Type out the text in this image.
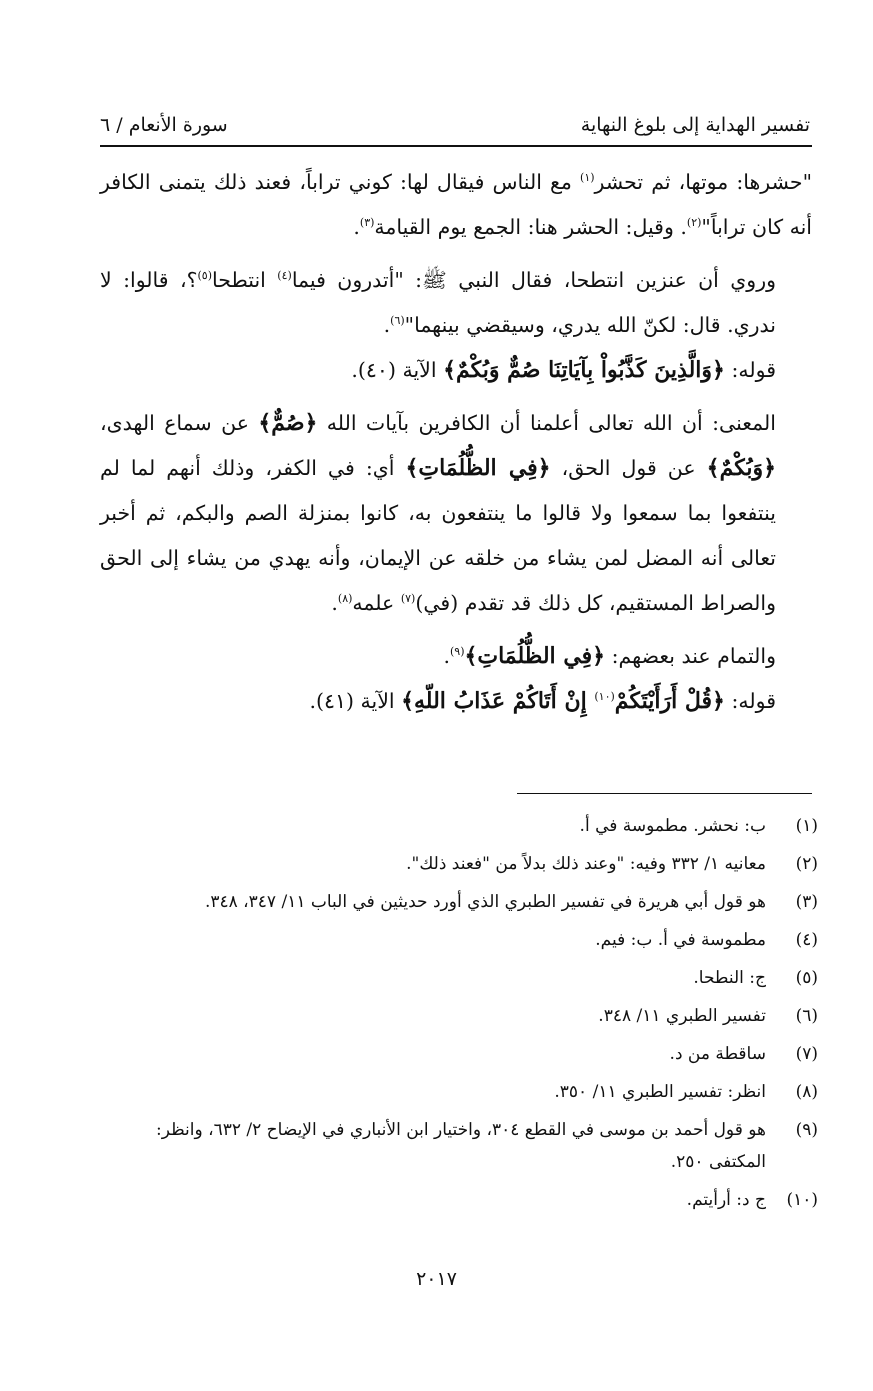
تفسير الهداية إلى بلوغ النهاية
سورة الأنعام / ٦

"حشرها: موتها، ثم تحشر$^{(١)}$ مع الناس فيقال لها: كوني تراباً، فعند ذلك يتمنى الكافر أنه كان تراباً"$^{(٢)}$. وقيل: الحشر هنا: الجمع يوم القيامة$^{(٣)}$.

وروي أن عنزين انتطحا، فقال النبي ﷺ: "أتدرون فيما$^{(٤)}$ انتطحا$^{(٥)}$؟، قالوا: لا ندري. قال: لكنّ الله يدري، وسيقضي بينهما"$^{(٦)}$.

قوله: ﴿وَالَّذِينَ كَذَّبُواْ بِآيَاتِنَا صُمٌّ وَبُكْمٌ﴾ الآية (٤٠).

المعنى: أن الله تعالى أعلمنا أن الكافرين بآيات الله ﴿صُمٌّ﴾ عن سماع الهدى، ﴿وَبُكْمٌ﴾ عن قول الحق، ﴿فِي الظُّلُمَاتِ﴾ أي: في الكفر، وذلك أنهم لما لم ينتفعوا بما سمعوا ولا قالوا ما ينتفعون به، كانوا بمنزلة الصم والبكم، ثم أخبر تعالى أنه المضل لمن يشاء من خلقه عن الإيمان، وأنه يهدي من يشاء إلى الحق والصراط المستقيم، كل ذلك قد تقدم (في)$^{(٧)}$ علمه$^{(٨)}$.

والتمام عند بعضهم: ﴿فِي الظُّلُمَاتِ﴾$^{(٩)}$.

قوله: ﴿قُلْ أَرَأَيْتَكُمْ$^{(١٠)}$ إِنْ أَتَاكُمْ عَذَابُ اللّهِ﴾ الآية (٤١).

(١)
ب: نحشر. مطموسة في أ.
(٢)
معانيه ١/ ٣٣٢ وفيه: "وعند ذلك بدلاً من "فعند ذلك".
(٣)
هو قول أبي هريرة في تفسير الطبري الذي أورد حديثين في الباب ١١/ ٣٤٧، ٣٤٨.
(٤)
مطموسة في أ. ب: فيم.
(٥)
ج: النطحا.
(٦)
تفسير الطبري ١١/ ٣٤٨.
(٧)
ساقطة من د.
(٨)
انظر: تفسير الطبري ١١/ ٣٥٠.
(٩)
هو قول أحمد بن موسى في القطع ٣٠٤، واختيار ابن الأنباري في الإيضاح ٢/ ٦٣٢، وانظر: المكتفى ٢٥٠.
(١٠)
ج د: أرأيتم.
٢٠١٧
